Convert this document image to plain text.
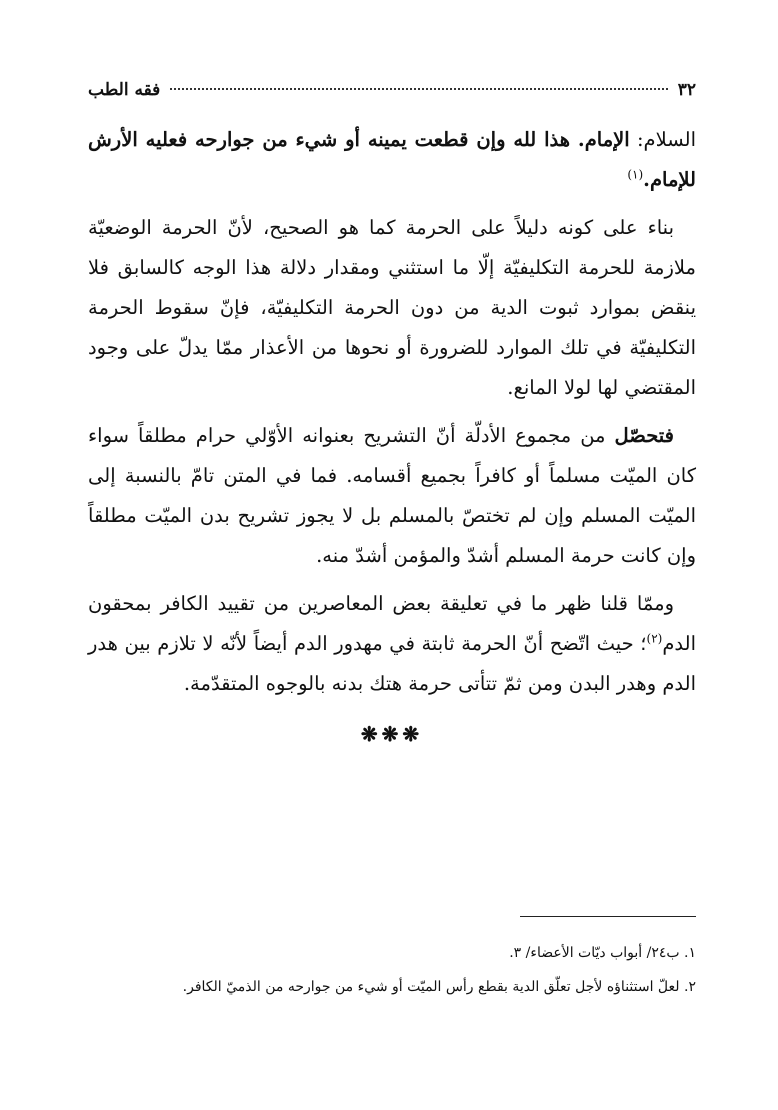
٣٢
فقه الطب

السلام: الإمام. هذا لله وإن قطعت يمينه أو شيء من جوارحه فعليه الأرش للإمام.$^{(١)}$

بناء على كونه دليلاً على الحرمة كما هو الصحيح، لأنّ الحرمة الوضعيّة ملازمة للحرمة التكليفيّة إلّا ما استثني ومقدار دلالة هذا الوجه كالسابق فلا ينقض بموارد ثبوت الدية من دون الحرمة التكليفيّة، فإنّ سقوط الحرمة التكليفيّة في تلك الموارد للضرورة أو نحوها من الأعذار ممّا يدلّ على وجود المقتضي لها لولا المانع.

فتحصّل من مجموع الأدلّة أنّ التشريح بعنوانه الأوّلي حرام مطلقاً سواء كان الميّت مسلماً أو كافراً بجميع أقسامه. فما في المتن تامّ بالنسبة إلى الميّت المسلم وإن لم تختصّ بالمسلم بل لا يجوز تشريح بدن الميّت مطلقاً وإن كانت حرمة المسلم أشدّ والمؤمن أشدّ منه.

وممّا قلنا ظهر ما في تعليقة بعض المعاصرين من تقييد الكافر بمحقون الدم$^{(٢)}$؛ حيث اتّضح أنّ الحرمة ثابتة في مهدور الدم أيضاً لأنّه لا تلازم بين هدر الدم وهدر البدن ومن ثمّ تتأتى حرمة هتك بدنه بالوجوه المتقدّمة.

❋❋❋

١. ب٢٤/ أبواب ديّات الأعضاء/ ٣.

٢. لعلّ استثناؤه لأجل تعلّق الدية بقطع رأس الميّت أو شيء من جوارحه من الذميّ الكافر.
